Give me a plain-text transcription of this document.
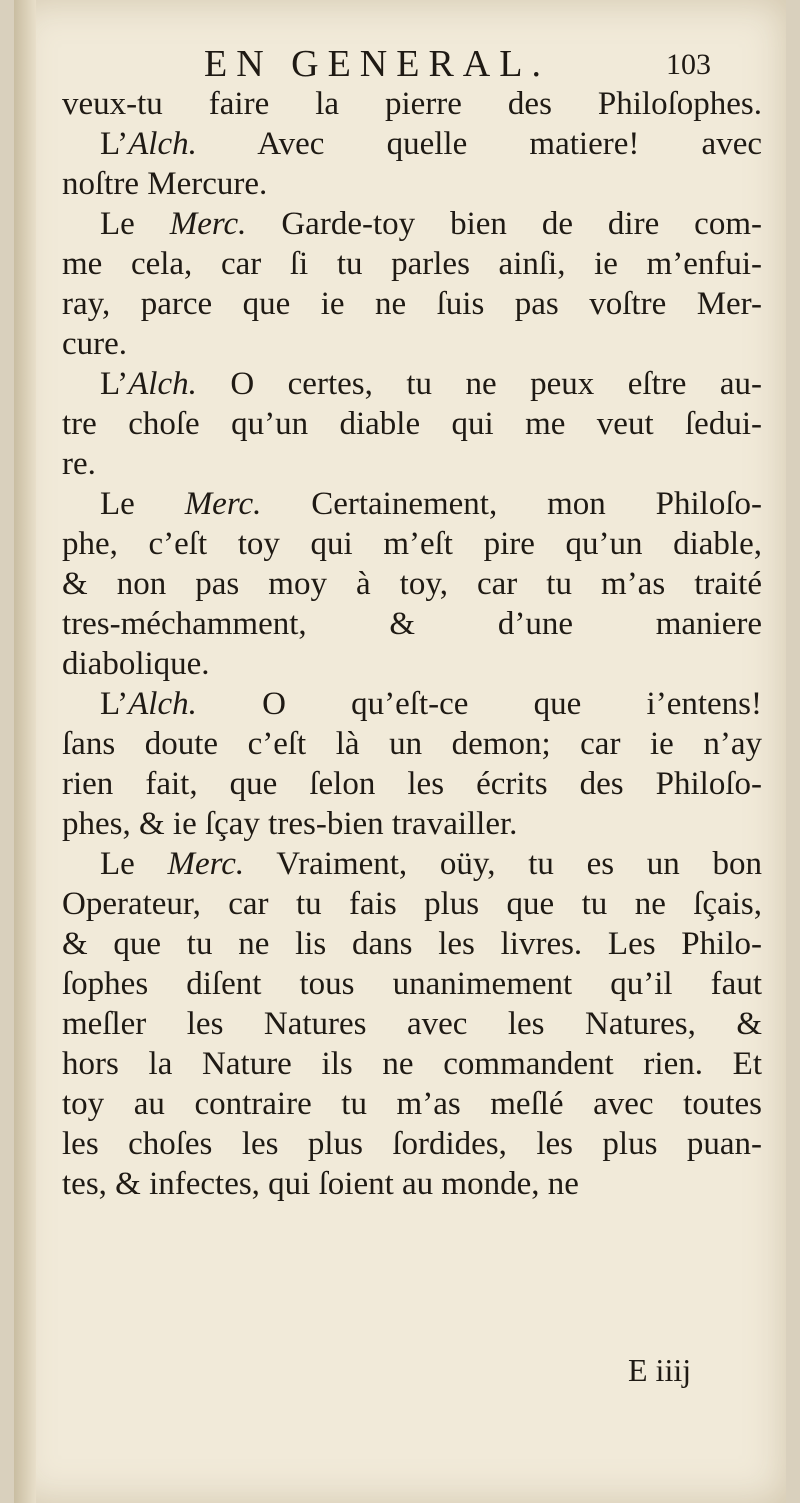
EN GENERAL.	103
veux-tu faire la pierre des Philoſophes.
L’Alch. Avec quelle matiere! avec
noſtre Mercure.
Le Merc. Garde-toy bien de dire com-
me cela, car ſi tu parles ainſi, ie m’enfui-
ray, parce que ie ne ſuis pas voſtre Mer-
cure.
L’Alch. O certes, tu ne peux eſtre au-
tre choſe qu’un diable qui me veut ſedui-
re.
Le Merc. Certainement, mon Philoſo-
phe, c’eſt toy qui m’eſt pire qu’un diable,
& non pas moy à toy, car tu m’as traité
tres-méchamment, & d’une maniere
diabolique.
L’Alch. O qu’eſt-ce que i’entens!
ſans doute c’eſt là un demon; car ie n’ay
rien fait, que ſelon les écrits des Philoſo-
phes, & ie ſçay tres-bien travailler.
Le Merc. Vraiment, oüy, tu es un bon
Operateur, car tu fais plus que tu ne ſçais,
& que tu ne lis dans les livres. Les Philo-
ſophes diſent tous unanimement qu’il faut
meſler les Natures avec les Natures, &
hors la Nature ils ne commandent rien. Et
toy au contraire tu m’as meſlé avec toutes
les choſes les plus ſordides, les plus puan-
tes, & infectes, qui ſoient au monde, ne
E iiij
